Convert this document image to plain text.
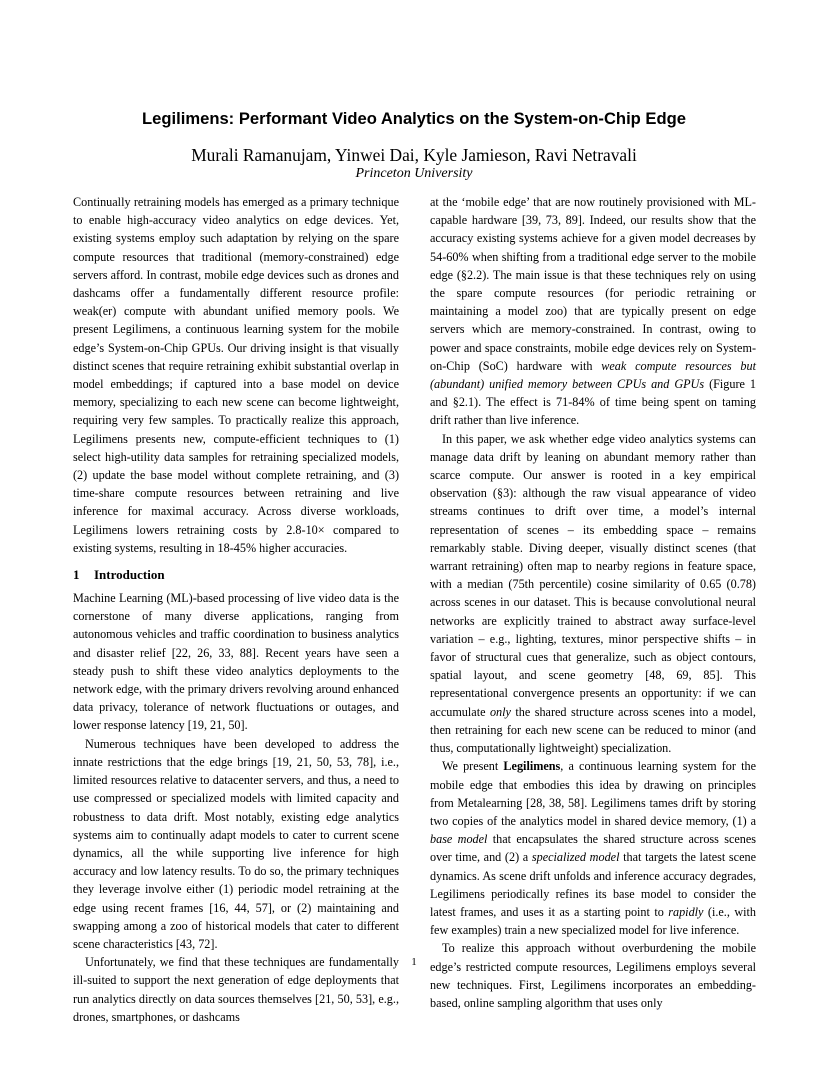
Legilimens: Performant Video Analytics on the System-on-Chip Edge
Murali Ramanujam, Yinwei Dai, Kyle Jamieson, Ravi Netravali
Princeton University

Continually retraining models has emerged as a primary technique to enable high-accuracy video analytics on edge devices. Yet, existing systems employ such adaptation by relying on the spare compute resources that traditional (memory-constrained) edge servers afford. In contrast, mobile edge devices such as drones and dashcams offer a fundamentally different resource profile: weak(er) compute with abundant unified memory pools. We present Legilimens, a continuous learning system for the mobile edge’s System-on-Chip GPUs. Our driving insight is that visually distinct scenes that require retraining exhibit substantial overlap in model embeddings; if captured into a base model on device memory, specializing to each new scene can become lightweight, requiring very few samples. To practically realize this approach, Legilimens presents new, compute-efficient techniques to (1) select high-utility data samples for retraining specialized models, (2) update the base model without complete retraining, and (3) time-share compute resources between retraining and live inference for maximal accuracy. Across diverse workloads, Legilimens lowers retraining costs by 2.8-10× compared to existing systems, resulting in 18-45% higher accuracies.

1 Introduction

Machine Learning (ML)-based processing of live video data is the cornerstone of many diverse applications, ranging from autonomous vehicles and traffic coordination to business analytics and disaster relief [22, 26, 33, 88]. Recent years have seen a steady push to shift these video analytics deployments to the network edge, with the primary drivers revolving around enhanced data privacy, tolerance of network fluctuations or outages, and lower response latency [19, 21, 50].

Numerous techniques have been developed to address the innate restrictions that the edge brings [19, 21, 50, 53, 78], i.e., limited resources relative to datacenter servers, and thus, a need to use compressed or specialized models with limited capacity and robustness to data drift. Most notably, existing edge analytics systems aim to continually adapt models to cater to current scene dynamics, all the while supporting live inference for high accuracy and low latency results. To do so, the primary techniques they leverage involve either (1) periodic model retraining at the edge using recent frames [16, 44, 57], or (2) maintaining and swapping among a zoo of historical models that cater to different scene characteristics [43, 72].

Unfortunately, we find that these techniques are fundamentally ill-suited to support the next generation of edge deployments that run analytics directly on data sources themselves [21, 50, 53], e.g., drones, smartphones, or dashcams

at the ‘mobile edge’ that are now routinely provisioned with ML-capable hardware [39, 73, 89]. Indeed, our results show that the accuracy existing systems achieve for a given model decreases by 54-60% when shifting from a traditional edge server to the mobile edge (§2.2). The main issue is that these techniques rely on using the spare compute resources (for periodic retraining or maintaining a model zoo) that are typically present on edge servers which are memory-constrained. In contrast, owing to power and space constraints, mobile edge devices rely on System-on-Chip (SoC) hardware with weak compute resources but (abundant) unified memory between CPUs and GPUs (Figure 1 and §2.1). The effect is 71-84% of time being spent on taming drift rather than live inference.

In this paper, we ask whether edge video analytics systems can manage data drift by leaning on abundant memory rather than scarce compute. Our answer is rooted in a key empirical observation (§3): although the raw visual appearance of video streams continues to drift over time, a model’s internal representation of scenes – its embedding space – remains remarkably stable. Diving deeper, visually distinct scenes (that warrant retraining) often map to nearby regions in feature space, with a median (75th percentile) cosine similarity of 0.65 (0.78) across scenes in our dataset. This is because convolutional neural networks are explicitly trained to abstract away surface-level variation – e.g., lighting, textures, minor perspective shifts – in favor of structural cues that generalize, such as object contours, spatial layout, and scene geometry [48, 69, 85]. This representational convergence presents an opportunity: if we can accumulate only the shared structure across scenes into a model, then retraining for each new scene can be reduced to minor (and thus, computationally lightweight) specialization.

We present Legilimens, a continuous learning system for the mobile edge that embodies this idea by drawing on principles from Metalearning [28, 38, 58]. Legilimens tames drift by storing two copies of the analytics model in shared device memory, (1) a base model that encapsulates the shared structure across scenes over time, and (2) a specialized model that targets the latest scene dynamics. As scene drift unfolds and inference accuracy degrades, Legilimens periodically refines its base model to consider the latest frames, and uses it as a starting point to rapidly (i.e., with few examples) train a new specialized model for live inference.

To realize this approach without overburdening the mobile edge’s restricted compute resources, Legilimens employs several new techniques. First, Legilimens incorporates an embedding-based, online sampling algorithm that uses only

1
